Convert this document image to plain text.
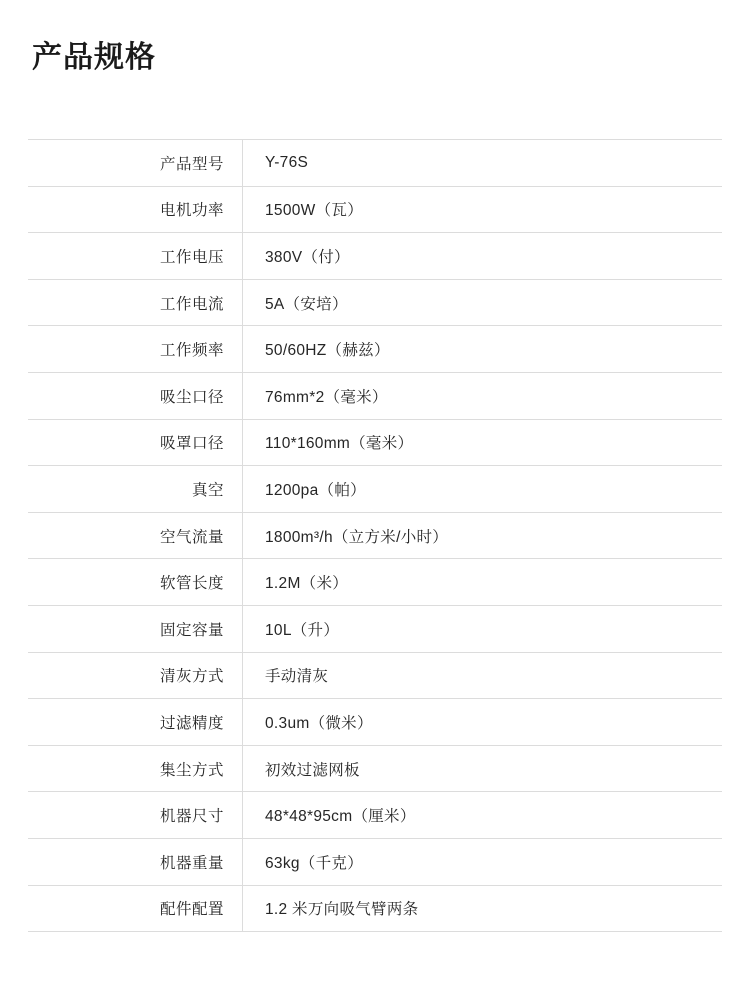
产品规格
产品型号	Y-76S
电机功率	1500W（瓦）
工作电压	380V（付）
工作电流	5A（安培）
工作频率	50/60HZ（赫兹）
吸尘口径	76mm*2（毫米）
吸罩口径	110*160mm（毫米）
真空	1200pa（帕）
空气流量	1800m³/h（立方米/小时）
软管长度	1.2M（米）
固定容量	10L（升）
清灰方式	手动清灰
过滤精度	0.3um（微米）
集尘方式	初效过滤网板
机器尺寸	48*48*95cm（厘米）
机器重量	63kg（千克）
配件配置	1.2 米万向吸气臂两条
